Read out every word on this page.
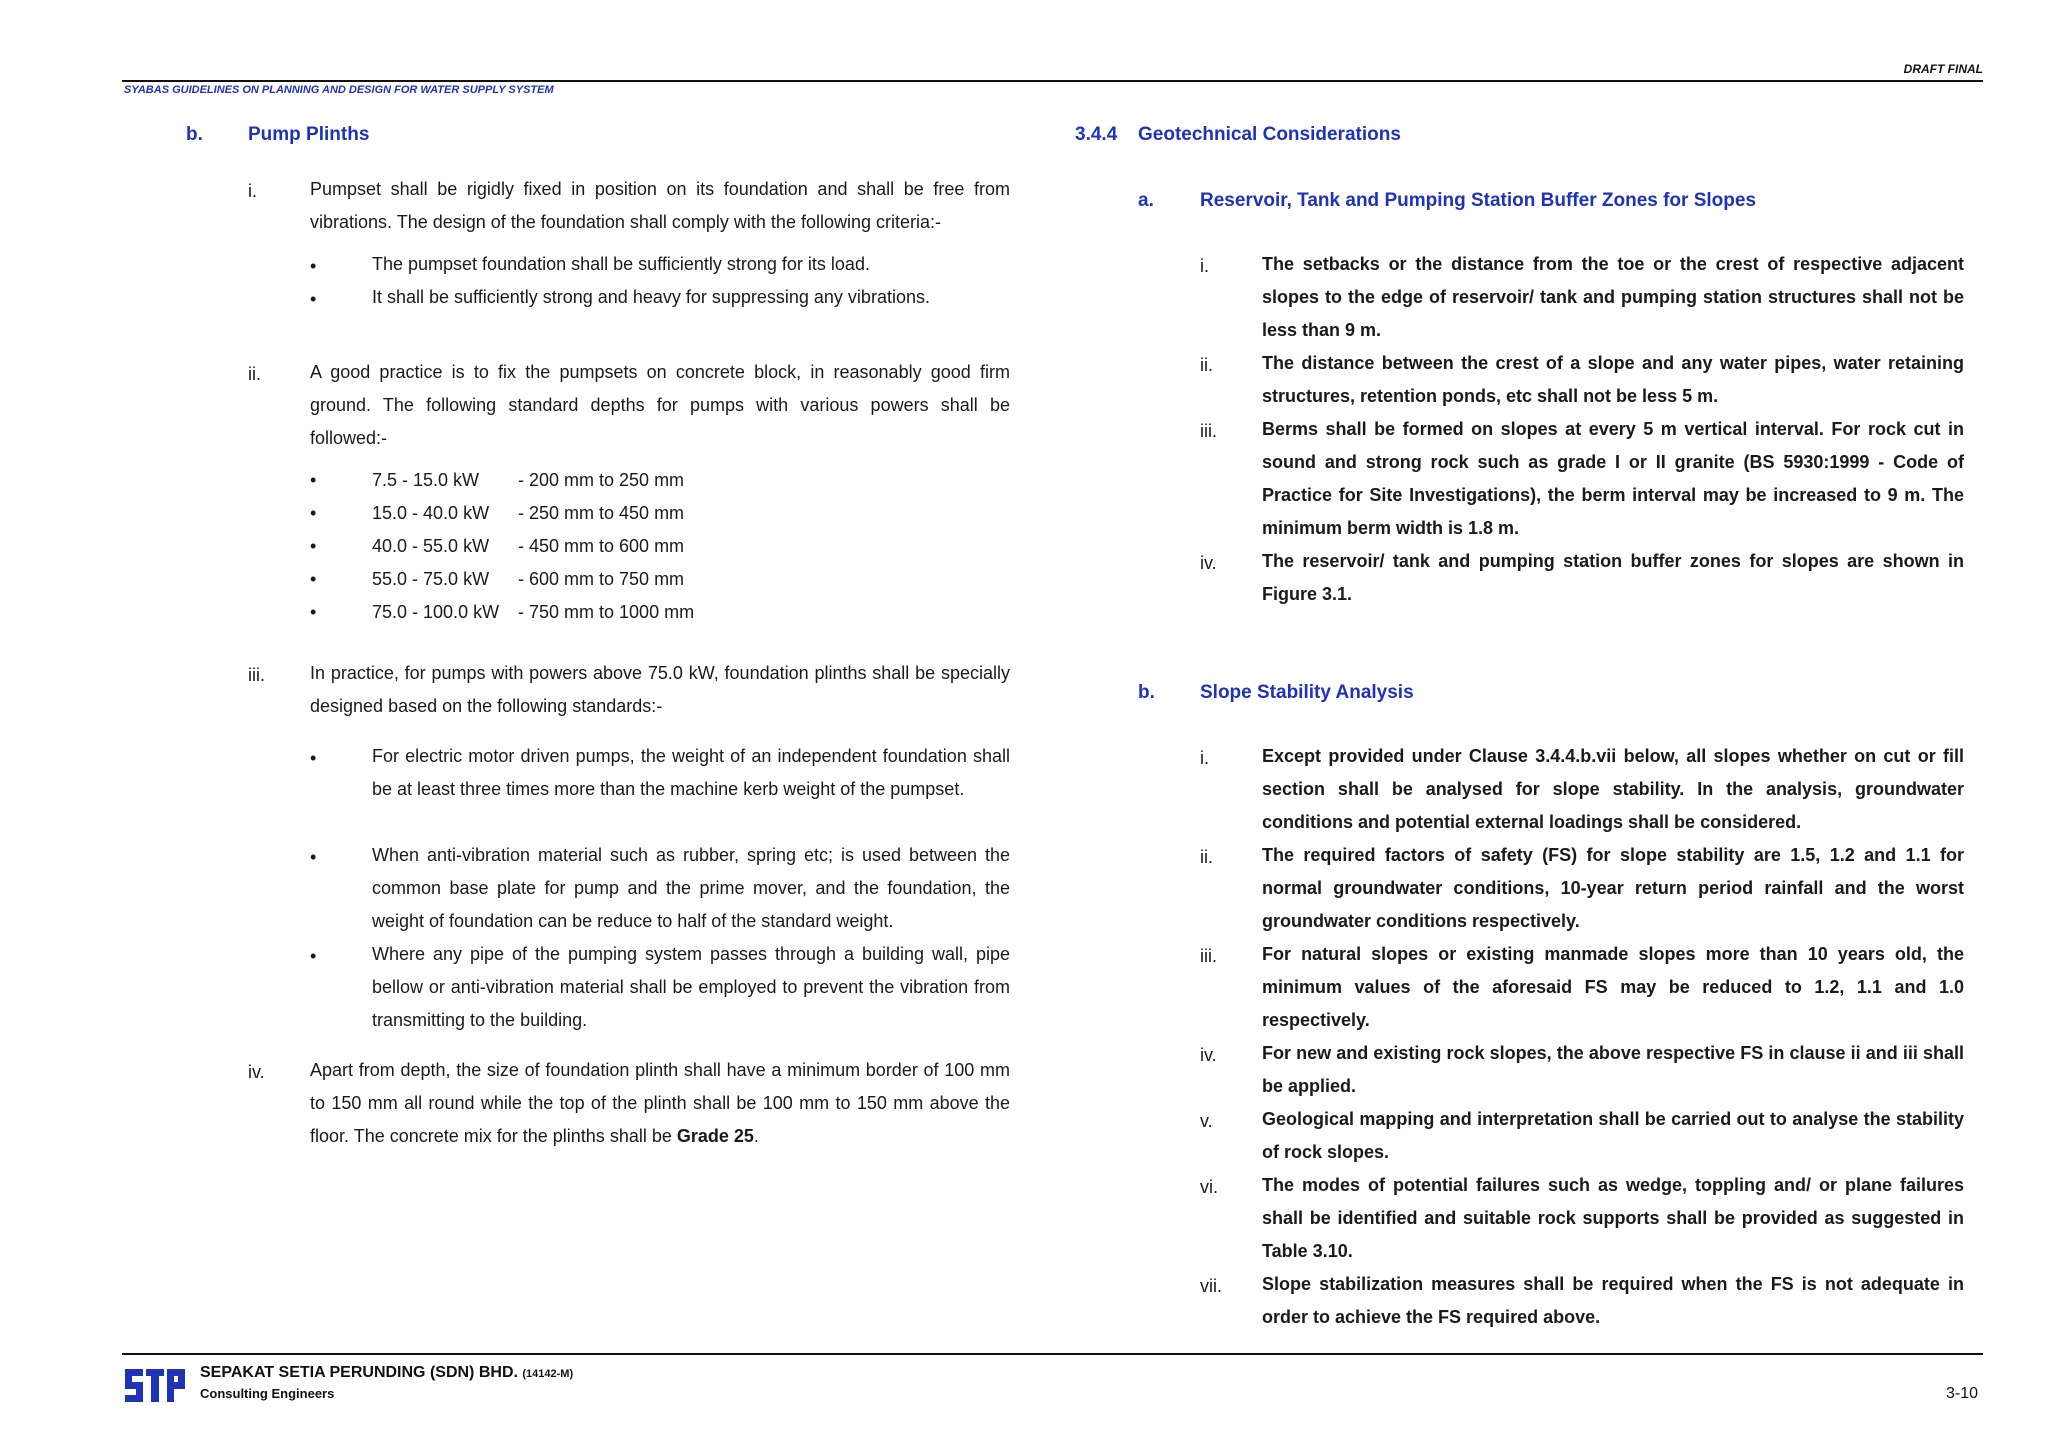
DRAFT FINAL
SYABAS GUIDELINES ON PLANNING AND DESIGN FOR WATER SUPPLY SYSTEM
b. Pump Plinths
i.	Pumpset shall be rigidly fixed in position on its foundation and shall be free from vibrations. The design of the foundation shall comply with the following criteria:-
•	The pumpset foundation shall be sufficiently strong for its load.
•	It shall be sufficiently strong and heavy for suppressing any vibrations.
ii.	A good practice is to fix the pumpsets on concrete block, in reasonably good firm ground. The following standard depths for pumps with various powers shall be followed:-
•	7.5 - 15.0 kW	- 200 mm to 250 mm
•	15.0 - 40.0 kW	- 250 mm to 450 mm
•	40.0 - 55.0 kW	- 450 mm to 600 mm
•	55.0 - 75.0 kW	- 600 mm to 750 mm
•	75.0 - 100.0 kW	- 750 mm to 1000 mm
iii.	In practice, for pumps with powers above 75.0 kW, foundation plinths shall be specially designed based on the following standards:-
•	For electric motor driven pumps, the weight of an independent foundation shall be at least three times more than the machine kerb weight of the pumpset.
•	When anti-vibration material such as rubber, spring etc; is used between the common base plate for pump and the prime mover, and the foundation, the weight of foundation can be reduce to half of the standard weight.
•	Where any pipe of the pumping system passes through a building wall, pipe bellow or anti-vibration material shall be employed to prevent the vibration from transmitting to the building.
iv.	Apart from depth, the size of foundation plinth shall have a minimum border of 100 mm to 150 mm all round while the top of the plinth shall be 100 mm to 150 mm above the floor. The concrete mix for the plinths shall be Grade 25.
3.4.4 Geotechnical Considerations
a. Reservoir, Tank and Pumping Station Buffer Zones for Slopes
i.	The setbacks or the distance from the toe or the crest of respective adjacent slopes to the edge of reservoir/ tank and pumping station structures shall not be less than 9 m.
ii.	The distance between the crest of a slope and any water pipes, water retaining structures, retention ponds, etc shall not be less 5 m.
iii.	Berms shall be formed on slopes at every 5 m vertical interval. For rock cut in sound and strong rock such as grade I or II granite (BS 5930:1999 - Code of Practice for Site Investigations), the berm interval may be increased to 9 m. The minimum berm width is 1.8 m.
iv.	The reservoir/ tank and pumping station buffer zones for slopes are shown in Figure 3.1.
b. Slope Stability Analysis
i.	Except provided under Clause 3.4.4.b.vii below, all slopes whether on cut or fill section shall be analysed for slope stability. In the analysis, groundwater conditions and potential external loadings shall be considered.
ii.	The required factors of safety (FS) for slope stability are 1.5, 1.2 and 1.1 for normal groundwater conditions, 10-year return period rainfall and the worst groundwater conditions respectively.
iii.	For natural slopes or existing manmade slopes more than 10 years old, the minimum values of the aforesaid FS may be reduced to 1.2, 1.1 and 1.0 respectively.
iv.	For new and existing rock slopes, the above respective FS in clause ii and iii shall be applied.
v.	Geological mapping and interpretation shall be carried out to analyse the stability of rock slopes.
vi. The modes of potential failures such as wedge, toppling and/ or plane failures shall be identified and suitable rock supports shall be provided as suggested in Table 3.10.
vii. Slope stabilization measures shall be required when the FS is not adequate in order to achieve the FS required above.
SEPAKAT SETIA PERUNDING (SDN) BHD. (14142-M)
Consulting Engineers	3-10
